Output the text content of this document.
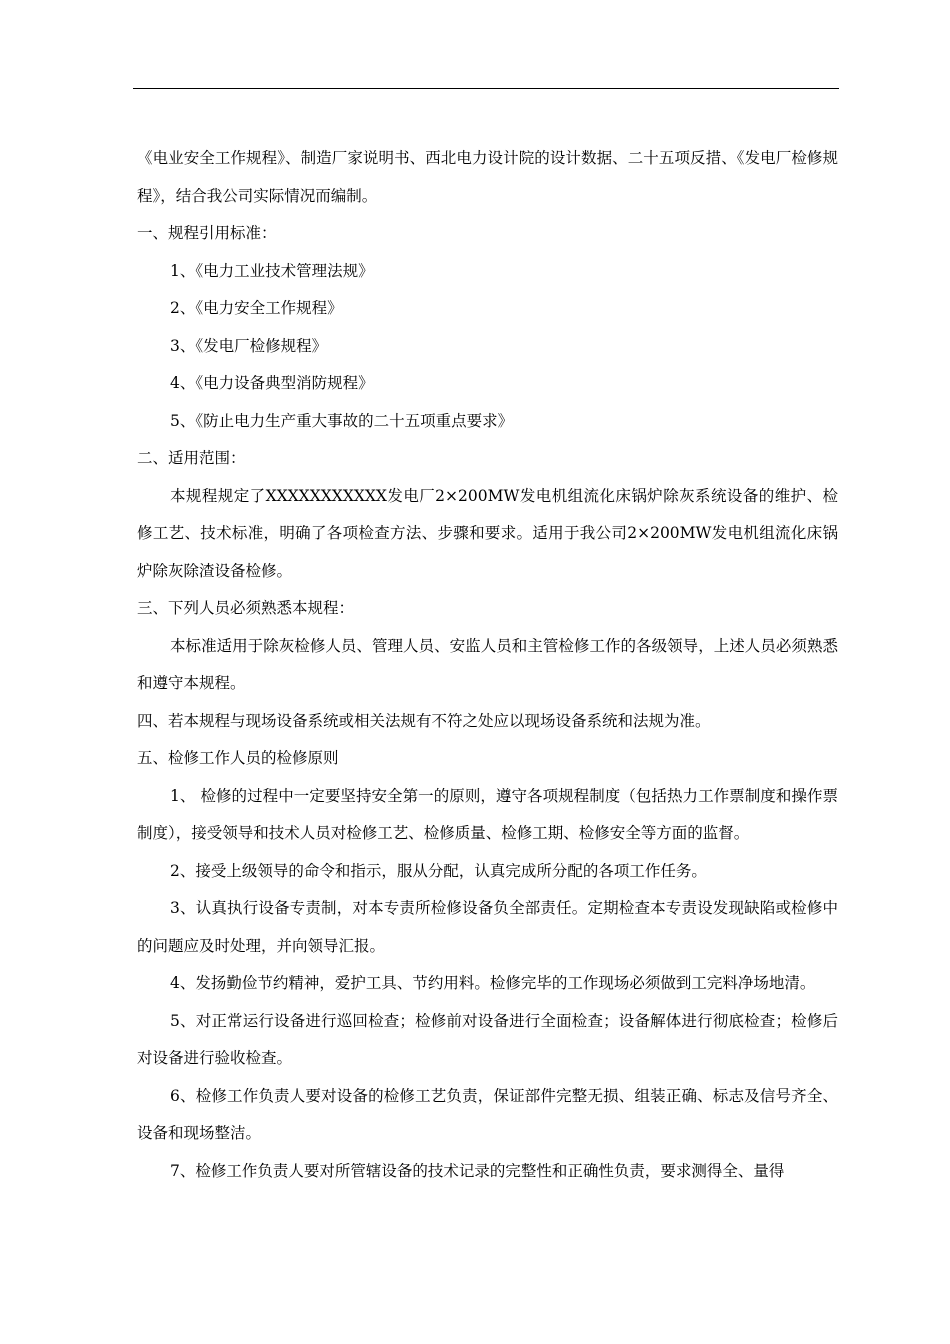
《电业安全工作规程》、制造厂家说明书、西北电力设计院的设计数据、二十五项反措、《发电厂检修规程》，结合我公司实际情况而编制。

一、规程引用标准：

1、《电力工业技术管理法规》

2、《电力安全工作规程》

3、《发电厂检修规程》

4、《电力设备典型消防规程》

5、《防止电力生产重大事故的二十五项重点要求》

二、适用范围：

本规程规定了XXXXXXXXXXX发电厂2×200MW发电机组流化床锅炉除灰系统设备的维护、检修工艺、技术标准，明确了各项检查方法、步骤和要求。适用于我公司2×200MW发电机组流化床锅炉除灰除渣设备检修。

三、下列人员必须熟悉本规程：

本标准适用于除灰检修人员、管理人员、安监人员和主管检修工作的各级领导，上述人员必须熟悉和遵守本规程。

四、若本规程与现场设备系统或相关法规有不符之处应以现场设备系统和法规为准。

五、检修工作人员的检修原则

1、 检修的过程中一定要坚持安全第一的原则，遵守各项规程制度（包括热力工作票制度和操作票制度），接受领导和技术人员对检修工艺、检修质量、检修工期、检修安全等方面的监督。

2、接受上级领导的命令和指示，服从分配，认真完成所分配的各项工作任务。

3、认真执行设备专责制，对本专责所检修设备负全部责任。定期检查本专责设发现缺陷或检修中的问题应及时处理，并向领导汇报。

4、发扬勤俭节约精神，爱护工具、节约用料。检修完毕的工作现场必须做到工完料净场地清。

5、对正常运行设备进行巡回检查；检修前对设备进行全面检查；设备解体进行彻底检查；检修后对设备进行验收检查。

6、检修工作负责人要对设备的检修工艺负责，保证部件完整无损、组装正确、标志及信号齐全、设备和现场整洁。

7、检修工作负责人要对所管辖设备的技术记录的完整性和正确性负责，要求测得全、量得
